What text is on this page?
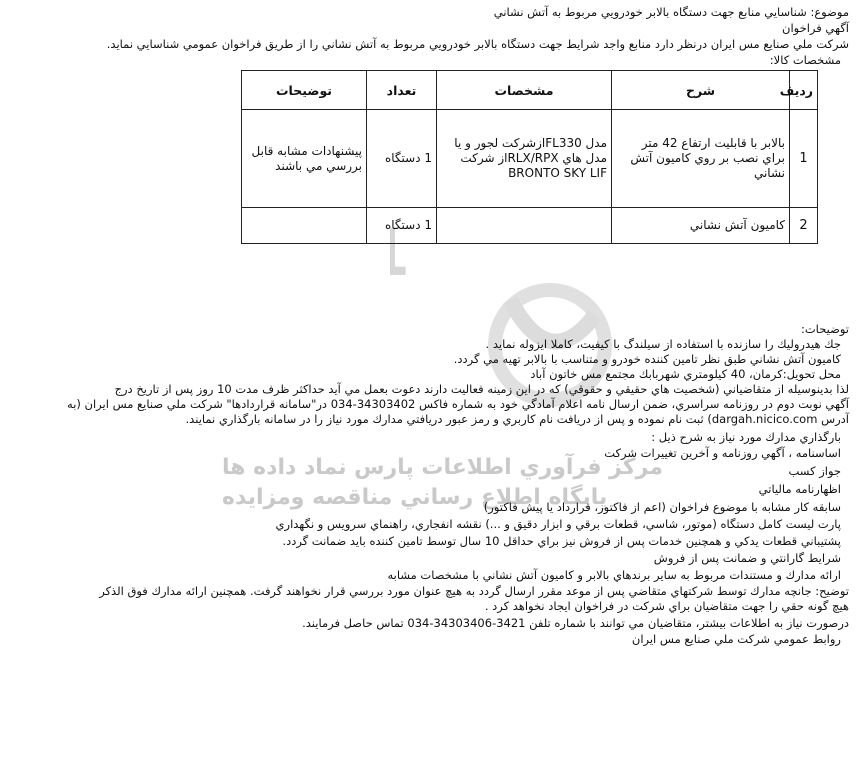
مركز فرآوري اطلاعات پارس نماد داده ها
پايگاه اطلاع رساني مناقصه ومزايده
موضوع: شناسايي منابع جهت دستگاه بالابر خودرويي مربوط به آتش نشاني
آگهي فراخوان
شركت ملي صنايع مس ايران درنظر دارد منابع واجد شرايط جهت دستگاه بالابر خودرويي مربوط به آتش نشاني را از طريق فراخوان عمومي شناسايي نمايد.
مشخصات كالا:
رديف	شرح	مشخصات	تعداد	توضيحات
1	بالابر با قابليت ارتفاع 42 متر براي نصب بر روي كاميون آتش نشاني	مدل FL330ازشركت لجور و يا مدل هاي RLX/RPXاز شركت BRONTO SKY LIF	1 دستگاه	پيشنهادات مشابه قابل بررسي مي باشند
2	كاميون آتش نشاني		1 دستگاه	
توضيحات:
جك هيدروليك را سازنده با استفاده از سيلندگ با كيفيت، كاملا ايزوله نمايد .
كاميون آتش نشاني طبق نظر تامين كننده خودرو و متناسب با بالابر تهيه مي گردد.
محل تحويل:كرمان، 40 كيلومتري شهربابك مجتمع مس خاتون آباد
لذا بدينوسيله از متقاضياني (شخصيت هاي حقيقي و حقوقي) كه در اين زمينه فعاليت دارند دعوت بعمل مي آيد حداكثر ظرف مدت 10 روز پس از تاريخ درج
آگهي نوبت دوم در روزنامه سراسري، ضمن ارسال نامه اعلام آمادگي خود به شماره فاكس 34303402-034 در"سامانه قراردادها" شركت ملي صنايع مس ايران (به
آدرس dargah.nicico.com) ثبت نام نموده و پس از دريافت نام كاربري و رمز عبور دريافتي مدارك مورد نياز را در سامانه بارگذاري نمايند.
بارگذاري مدارك مورد نياز به شرح ذيل :
اساسنامه ، آگهي روزنامه و آخرين تغييرات شركت
جواز كسب
اظهارنامه مالياتي
سابقه كار مشابه با موضوع فراخوان (اعم از فاكتور، قرارداد يا پيش فاكتور)
پارت ليست كامل دستگاه (موتور، شاسي، قطعات برقي و ابزار دقيق و ...) نقشه انفجاري، راهنماي سرويس و نگهداري
پشتيباني قطعات يدكي و همچنين خدمات پس از فروش نيز براي حداقل 10 سال توسط تامين كننده بايد ضمانت گردد.
شرايط گارانتي و ضمانت پس از فروش
ارائه مدارك و مستندات مربوط به ساير برندهاي بالابر و كاميون آتش نشاني با مشخصات مشابه
توضيح: جانچه مدارك توسط شركتهاي متقاضي پس از موعد مقرر ارسال گردد به هيچ عنوان مورد بررسي قرار نخواهند گرفت. همچنين ارائه مدارك فوق الذكر
هيچ گونه حقي را جهت متقاضيان براي شركت در فراخوان ايجاد نخواهد كرد .
درصورت نياز به اطلاعات بيشتر، متقاضيان مي توانند با شماره تلفن 3421-34303406-034 تماس حاصل فرمايند.
روابط عمومي شركت ملي صنايع مس ايران
